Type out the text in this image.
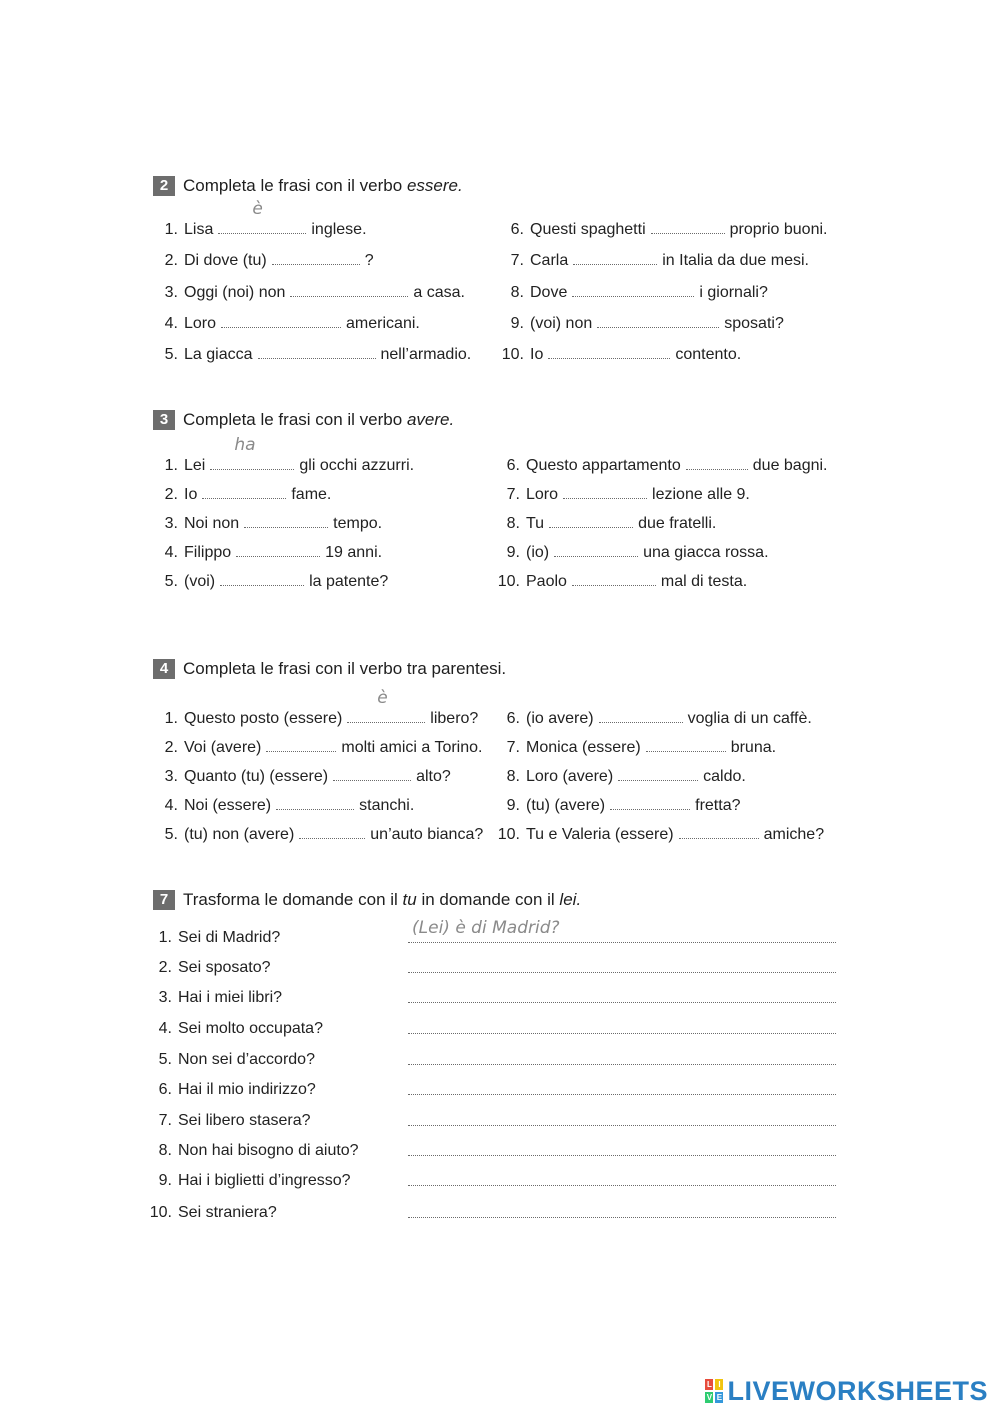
2 Completa le frasi con il verbo essere.
1. Lisa
è
inglese.
2. Di dove (tu)	?
3. Oggi (noi) non	a casa.
4. Loro	americani.
5. La giacca	nell’armadio.
6. Questi spaghetti	proprio buoni.
7. Carla	in Italia da due mesi.
8. Dove	i giornali?
9. (voi) non	sposati?
10. Io	contento.
3 Completa le frasi con il verbo avere.
1. Lei
ha
gli occhi azzurri.
2. Io	fame.
3. Noi non	tempo.
4. Filippo	19 anni.
5. (voi)	la patente?
6. Questo appartamento	due bagni.
7. Loro	lezione alle 9.
8. Tu	due fratelli.
9. (io)	una giacca rossa.
10. Paolo	mal di testa.
4 Completa le frasi con il verbo tra parentesi.
1. Questo posto (essere)
è
libero?
2. Voi (avere)	molti amici a Torino.
3. Quanto (tu) (essere)	alto?
4. Noi (essere)	stanchi.
5. (tu) non (avere)	un’auto bianca?
6. (io avere)	voglia di un caffè.
7. Monica (essere)	bruna.
8. Loro (avere)	caldo.
9. (tu) (avere)	fretta?
10. Tu e Valeria (essere)	amiche?
7 Trasforma le domande con il tu in domande con il lei.
(Lei) è di Madrid?
1. Sei di Madrid?
2. Sei sposato?
3. Hai i miei libri?
4. Sei molto occupata?
5. Non sei d’accordo?
6. Hai il mio indirizzo?
7. Sei libero stasera?
8. Non hai bisogno di aiuto?
9. Hai i biglietti d’ingresso?
10. Sei straniera?
L I
V E LIVEWORKSHEETS
